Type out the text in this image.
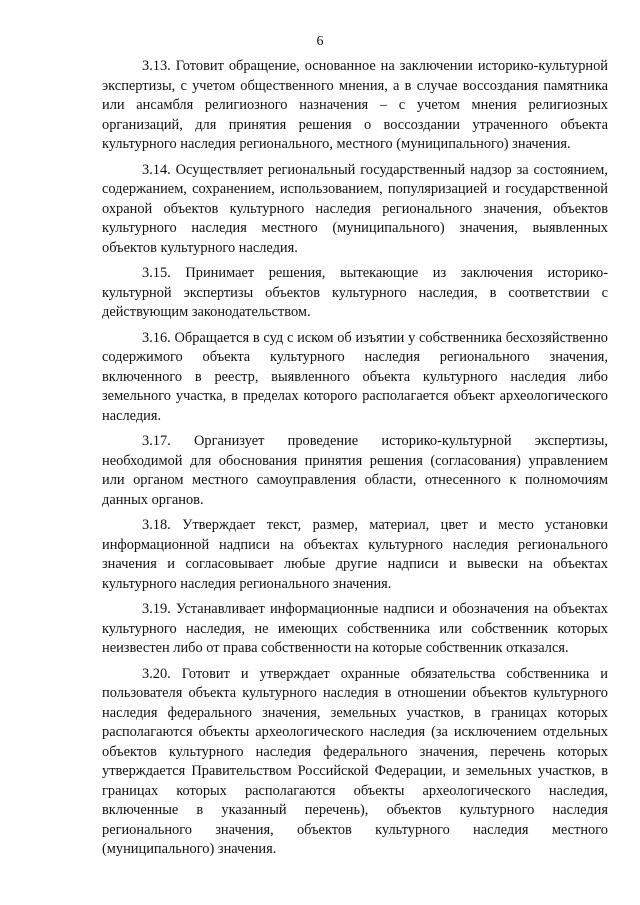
6

3.13. Готовит обращение, основанное на заключении историко-культурной экспертизы, с учетом общественного мнения, а в случае воссоздания памятника или ансамбля религиозного назначения – с учетом мнения религиозных организаций, для принятия решения о воссоздании утраченного объекта культурного наследия регионального, местного (муниципального) значения.

3.14. Осуществляет региональный государственный надзор за состоянием, содержанием, сохранением, использованием, популяризацией и государственной охраной объектов культурного наследия регионального значения, объектов культурного наследия местного (муниципального) значения, выявленных объектов культурного наследия.

3.15. Принимает решения, вытекающие из заключения историко-культурной экспертизы объектов культурного наследия, в соответствии с действующим законодательством.

3.16. Обращается в суд с иском об изъятии у собственника бесхозяйственно содержимого объекта культурного наследия регионального значения, включенного в реестр, выявленного объекта культурного наследия либо земельного участка, в пределах которого располагается объект археологического наследия.

3.17. Организует проведение историко-культурной экспертизы, необходимой для обоснования принятия решения (согласования) управлением или органом местного самоуправления области, отнесенного к полномочиям данных органов.

3.18. Утверждает текст, размер, материал, цвет и место установки информационной надписи на объектах культурного наследия регионального значения и согласовывает любые другие надписи и вывески на объектах культурного наследия регионального значения.

3.19. Устанавливает информационные надписи и обозначения на объектах культурного наследия, не имеющих собственника или собственник которых неизвестен либо от права собственности на которые собственник отказался.

3.20. Готовит и утверждает охранные обязательства собственника и пользователя объекта культурного наследия в отношении объектов культурного наследия федерального значения, земельных участков, в границах которых располагаются объекты археологического наследия (за исключением отдельных объектов культурного наследия федерального значения, перечень которых утверждается Правительством Российской Федерации, и земельных участков, в границах которых располагаются объекты археологического наследия, включенные в указанный перечень), объектов культурного наследия регионального значения, объектов культурного наследия местного (муниципального) значения.
